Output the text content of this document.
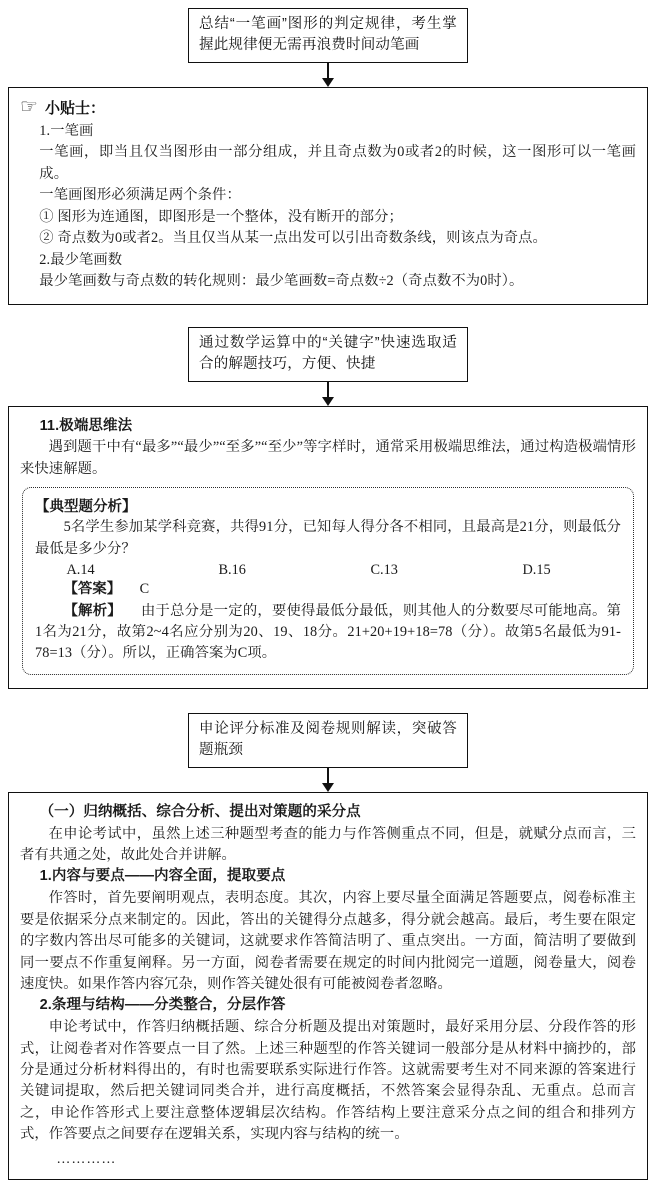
总结“一笔画”图形的判定规律，考生掌握此规律便无需再浪费时间动笔画
☞ 小贴士：

1.一笔画

一笔画，即当且仅当图形由一部分组成，并且奇点数为0或者2的时候，这一图形可以一笔画成。

一笔画图形必须满足两个条件：

① 图形为连通图，即图形是一个整体，没有断开的部分；

② 奇点数为0或者2。当且仅当从某一点出发可以引出奇数条线，则该点为奇点。

2.最少笔画数

最少笔画数与奇点数的转化规则：最少笔画数=奇点数÷2（奇点数不为0时）。

通过数学运算中的“关键字”快速选取适合的解题技巧，方便、快捷

11.极端思维法

遇到题干中有“最多”“最少”“至多”“至少”等字样时，通常采用极端思维法，通过构造极端情形来快速解题。

【典型题分析】

5名学生参加某学科竞赛，共得91分，已知每人得分各不相同，且最高是21分，则最低分最低是多少分？

A.14	B.16	C.13	D.15

【答案】 C

【解析】 由于总分是一定的，要使得最低分最低，则其他人的分数要尽可能地高。第1名为21分，故第2~4名应分别为20、19、18分。21+20+19+18=78（分）。故第5名最低为91-78=13（分）。所以，正确答案为C项。

申论评分标准及阅卷规则解读，突破答题瓶颈

（一）归纳概括、综合分析、提出对策题的采分点

在申论考试中，虽然上述三种题型考查的能力与作答侧重点不同，但是，就赋分点而言，三者有共通之处，故此处合并讲解。

1.内容与要点——内容全面，提取要点

作答时，首先要阐明观点，表明态度。其次，内容上要尽量全面满足答题要点，阅卷标准主要是依据采分点来制定的。因此，答出的关键得分点越多，得分就会越高。最后，考生要在限定的字数内答出尽可能多的关键词，这就要求作答简洁明了、重点突出。一方面，简洁明了要做到同一要点不作重复阐释。另一方面，阅卷者需要在规定的时间内批阅完一道题，阅卷量大，阅卷速度快。如果作答内容冗杂，则作答关键处很有可能被阅卷者忽略。

2.条理与结构——分类整合，分层作答

申论考试中，作答归纳概括题、综合分析题及提出对策题时，最好采用分层、分段作答的形式，让阅卷者对作答要点一目了然。上述三种题型的作答关键词一般部分是从材料中摘抄的，部分是通过分析材料得出的，有时也需要联系实际进行作答。这就需要考生对不同来源的答案进行关键词提取，然后把关键词同类合并，进行高度概括，不然答案会显得杂乱、无重点。总而言之，申论作答形式上要注意整体逻辑层次结构。作答结构上要注意采分点之间的组合和排列方式，作答要点之间要存在逻辑关系，实现内容与结构的统一。

…………
